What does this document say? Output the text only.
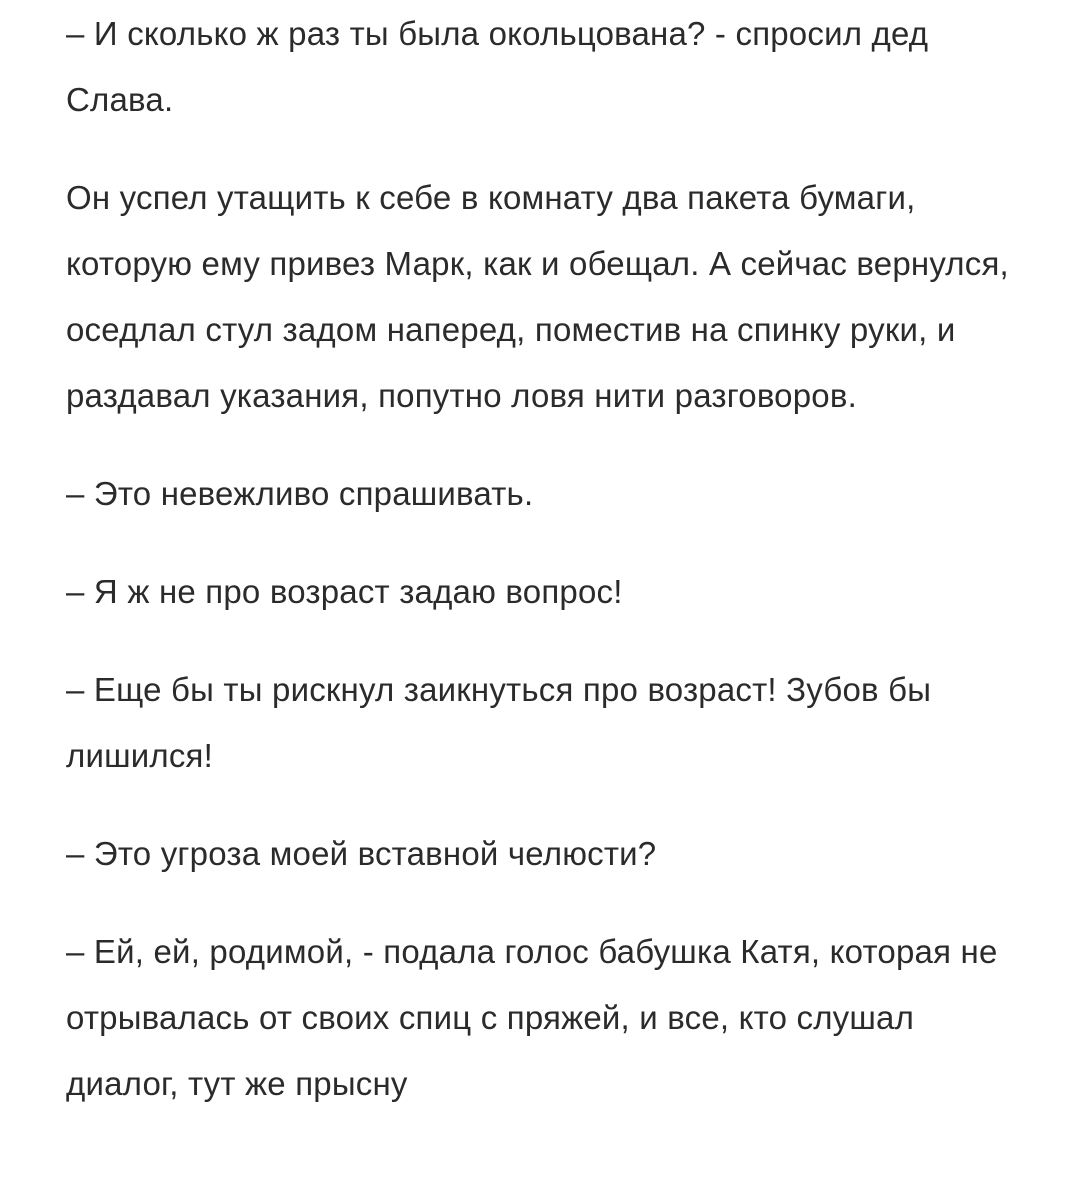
– И сколько ж раз ты была окольцована? - спросил дед Слава.

Он успел утащить к себе в комнату два пакета бумаги, которую ему привез Марк, как и обещал. А сейчас вернулся, оседлал стул задом наперед, поместив на спинку руки, и раздавал указания, попутно ловя нити разговоров.

– Это невежливо спрашивать.

– Я ж не про возраст задаю вопрос!

– Еще бы ты рискнул заикнуться про возраст! Зубов бы лишился!

– Это угроза моей вставной челюсти?

– Ей, ей, родимой, - подала голос бабушка Катя, которая не отрывалась от своих спиц с пряжей, и все, кто слушал диалог, тут же прысну
